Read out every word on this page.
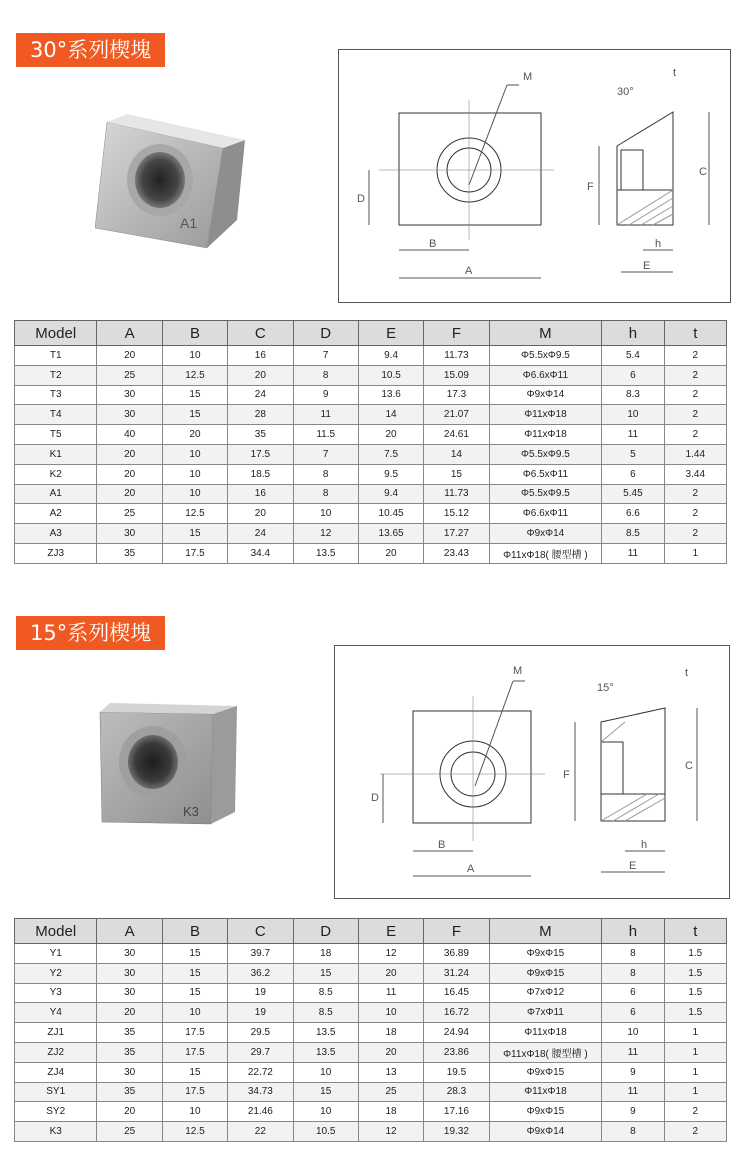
30°系列楔塊
A1
M
D
B
A
30°
t
F
C
h
E
Model	A	B	C	D	E	F	M	h	t
T1	20	10	16	7	9.4	11.73	Φ5.5xΦ9.5	5.4	2
T2	25	12.5	20	8	10.5	15.09	Φ6.6xΦ11	6	2
T3	30	15	24	9	13.6	17.3	Φ9xΦ14	8.3	2
T4	30	15	28	11	14	21.07	Φ11xΦ18	10	2
T5	40	20	35	11.5	20	24.61	Φ11xΦ18	11	2
K1	20	10	17.5	7	7.5	14	Φ5.5xΦ9.5	5	1.44
K2	20	10	18.5	8	9.5	15	Φ6.5xΦ11	6	3.44
A1	20	10	16	8	9.4	11.73	Φ5.5xΦ9.5	5.45	2
A2	25	12.5	20	10	10.45	15.12	Φ6.6xΦ11	6.6	2
A3	30	15	24	12	13.65	17.27	Φ9xΦ14	8.5	2
ZJ3	35	17.5	34.4	13.5	20	23.43	Φ11xΦ18( 腰型槽 )	11	1
15°系列楔塊
K3
M
D
B
A
15°
t
F
C
h
E
Model	A	B	C	D	E	F	M	h	t
Y1	30	15	39.7	18	12	36.89	Φ9xΦ15	8	1.5
Y2	30	15	36.2	15	20	31.24	Φ9xΦ15	8	1.5
Y3	30	15	19	8.5	11	16.45	Φ7xΦ12	6	1.5
Y4	20	10	19	8.5	10	16.72	Φ7xΦ11	6	1.5
ZJ1	35	17.5	29.5	13.5	18	24.94	Φ11xΦ18	10	1
ZJ2	35	17.5	29.7	13.5	20	23.86	Φ11xΦ18( 腰型槽 )	11	1
ZJ4	30	15	22.72	10	13	19.5	Φ9xΦ15	9	1
SY1	35	17.5	34.73	15	25	28.3	Φ11xΦ18	11	1
SY2	20	10	21.46	10	18	17.16	Φ9xΦ15	9	2
K3	25	12.5	22	10.5	12	19.32	Φ9xΦ14	8	2
